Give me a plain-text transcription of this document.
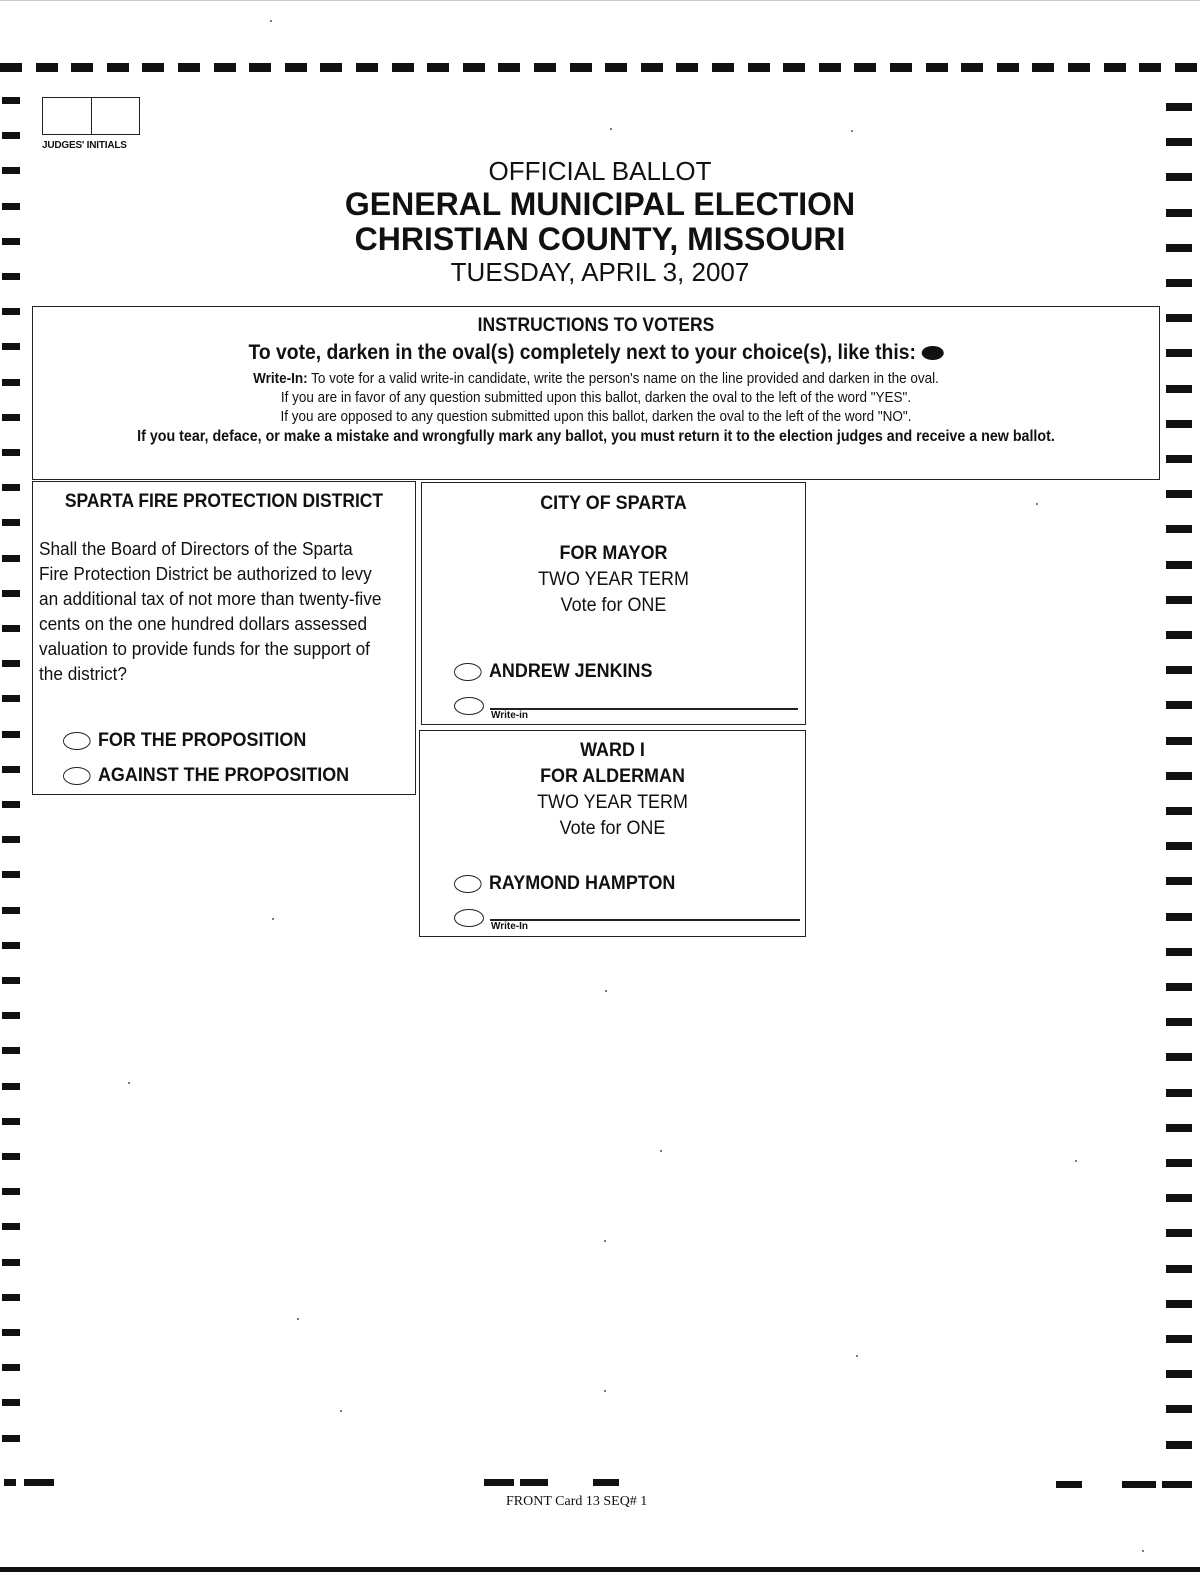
JUDGES' INITIALS
OFFICIAL BALLOT
GENERAL MUNICIPAL ELECTION
CHRISTIAN COUNTY, MISSOURI
TUESDAY, APRIL 3, 2007
INSTRUCTIONS TO VOTERS
To vote, darken in the oval(s) completely next to your choice(s), like this:
Write-In: To vote for a valid write-in candidate, write the person's name on the line provided and darken in the oval.
If you are in favor of any question submitted upon this ballot, darken the oval to the left of the word "YES".
If you are opposed to any question submitted upon this ballot, darken the oval to the left of the word "NO".
If you tear, deface, or make a mistake and wrongfully mark any ballot, you must return it to the election judges and receive a new ballot.
SPARTA FIRE PROTECTION DISTRICT
Shall the Board of Directors of the Sparta Fire Protection District be authorized to levy an additional tax of not more than twenty-five cents on the one hundred dollars assessed valuation to provide funds for the support of the district?
FOR THE PROPOSITION
AGAINST THE PROPOSITION
CITY OF SPARTA
FOR MAYOR
TWO YEAR TERM
Vote for ONE
ANDREW JENKINS
Write-in
WARD I
FOR ALDERMAN
TWO YEAR TERM
Vote for ONE
RAYMOND HAMPTON
Write-In
FRONT Card 13 SEQ# 1
